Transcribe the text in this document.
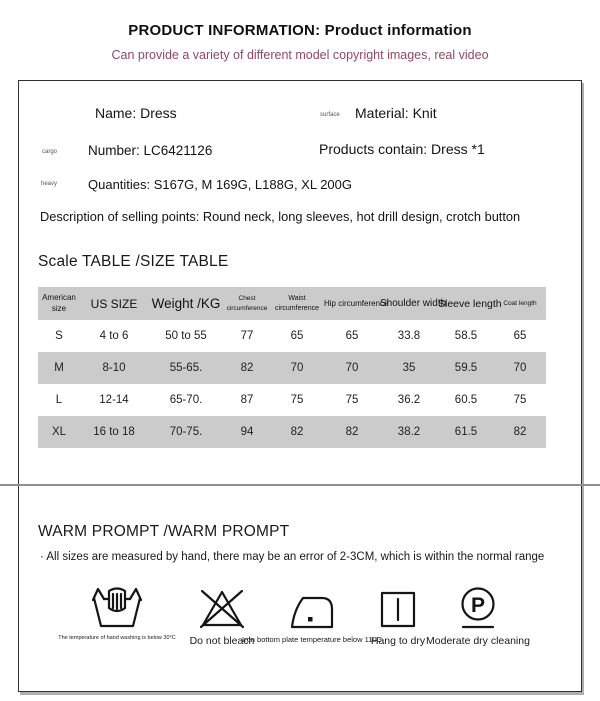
PRODUCT INFORMATION: Product information
Can provide a variety of different model copyright images, real video
Name: Dress	surface Material: Knit
cargo Number: LC6421126	Products contain: Dress *1
heavy Quantities: S167G, M 169G, L188G, XL 200G
Description of selling points: Round neck, long sleeves, hot drill design, crotch button
Scale TABLE /SIZE TABLE
American size	US SIZE	Weight /KG	Chest circumference	Waist circumference	Hip circumference	Shoulder width	Sleeve length	Coat length
S	4 to 6	50 to 55	77	65	65	33.8	58.5	65
M	8-10	55-65.	82	70	70	35	59.5	70
L	12-14	65-70.	87	75	75	36.2	60.5	75
XL	16 to 18	70-75.	94	82	82	38.2	61.5	82
WARM PROMPT /WARM PROMPT
· All sizes are measured by hand, there may be an error of 2-3CM, which is within the normal range
The temperature of hand washing is below 30°C Do not bleach
Iron bottom plate temperature below 110C
Hang to dry
P
Moderate dry cleaning
